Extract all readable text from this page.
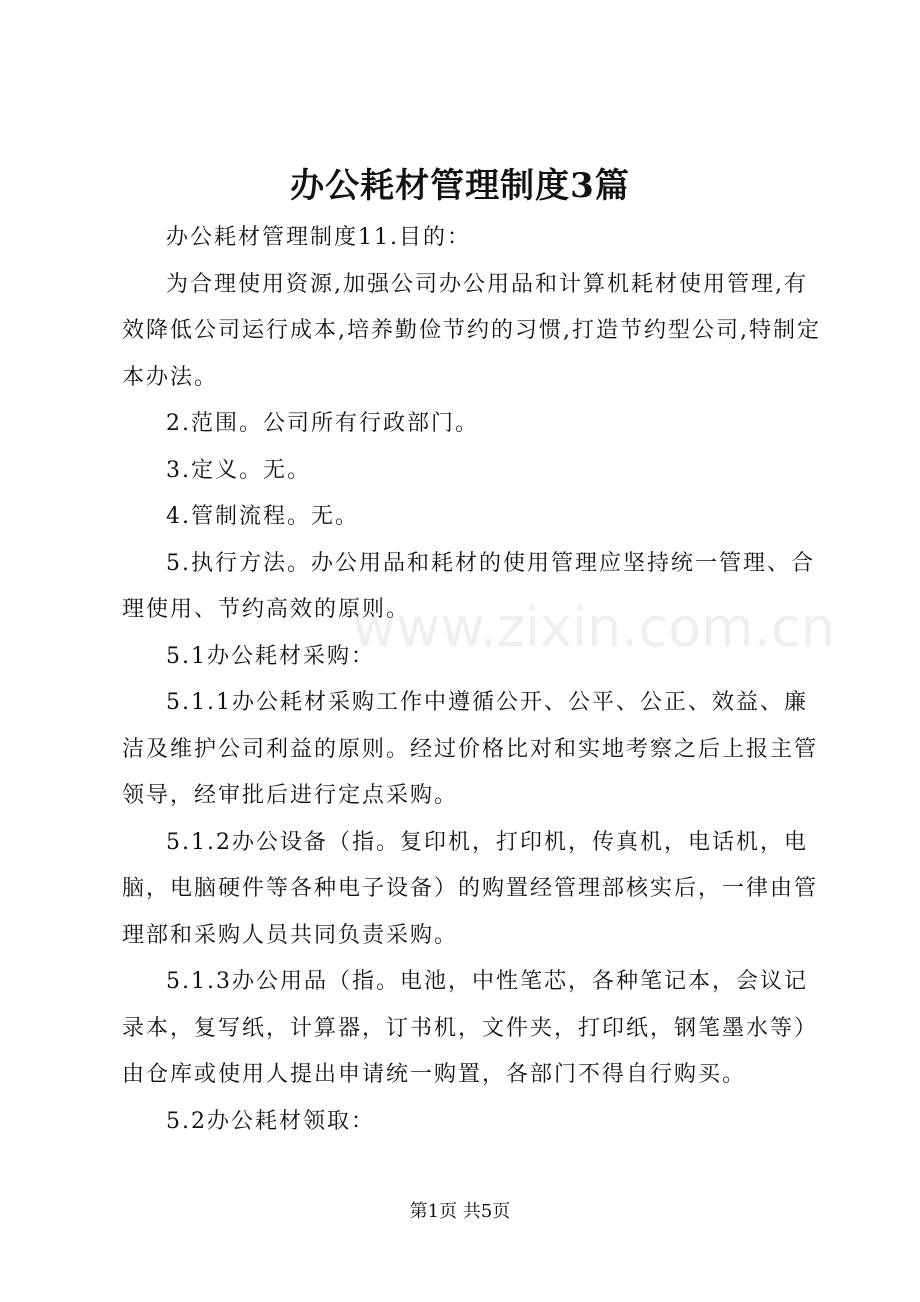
办公耗材管理制度3篇

办公耗材管理制度11.目的：

为合理使用资源,加强公司办公用品和计算机耗材使用管理,有效降低公司运行成本,培养勤俭节约的习惯,打造节约型公司,特制定本办法。

2.范围。公司所有行政部门。

3.定义。无。

4.管制流程。无。

5.执行方法。办公用品和耗材的使用管理应坚持统一管理、合理使用、节约高效的原则。

5.1办公耗材采购：

5.1.1办公耗材采购工作中遵循公开、公平、公正、效益、廉洁及维护公司利益的原则。经过价格比对和实地考察之后上报主管领导，经审批后进行定点采购。

5.1.2办公设备（指。复印机，打印机，传真机，电话机，电脑，电脑硬件等各种电子设备）的购置经管理部核实后，一律由管理部和采购人员共同负责采购。

5.1.3办公用品（指。电池，中性笔芯，各种笔记本，会议记录本，复写纸，计算器，订书机，文件夹，打印纸，钢笔墨水等）由仓库或使用人提出申请统一购置，各部门不得自行购买。

5.2办公耗材领取：

www.zixin.com.cn
第1页 共5页
